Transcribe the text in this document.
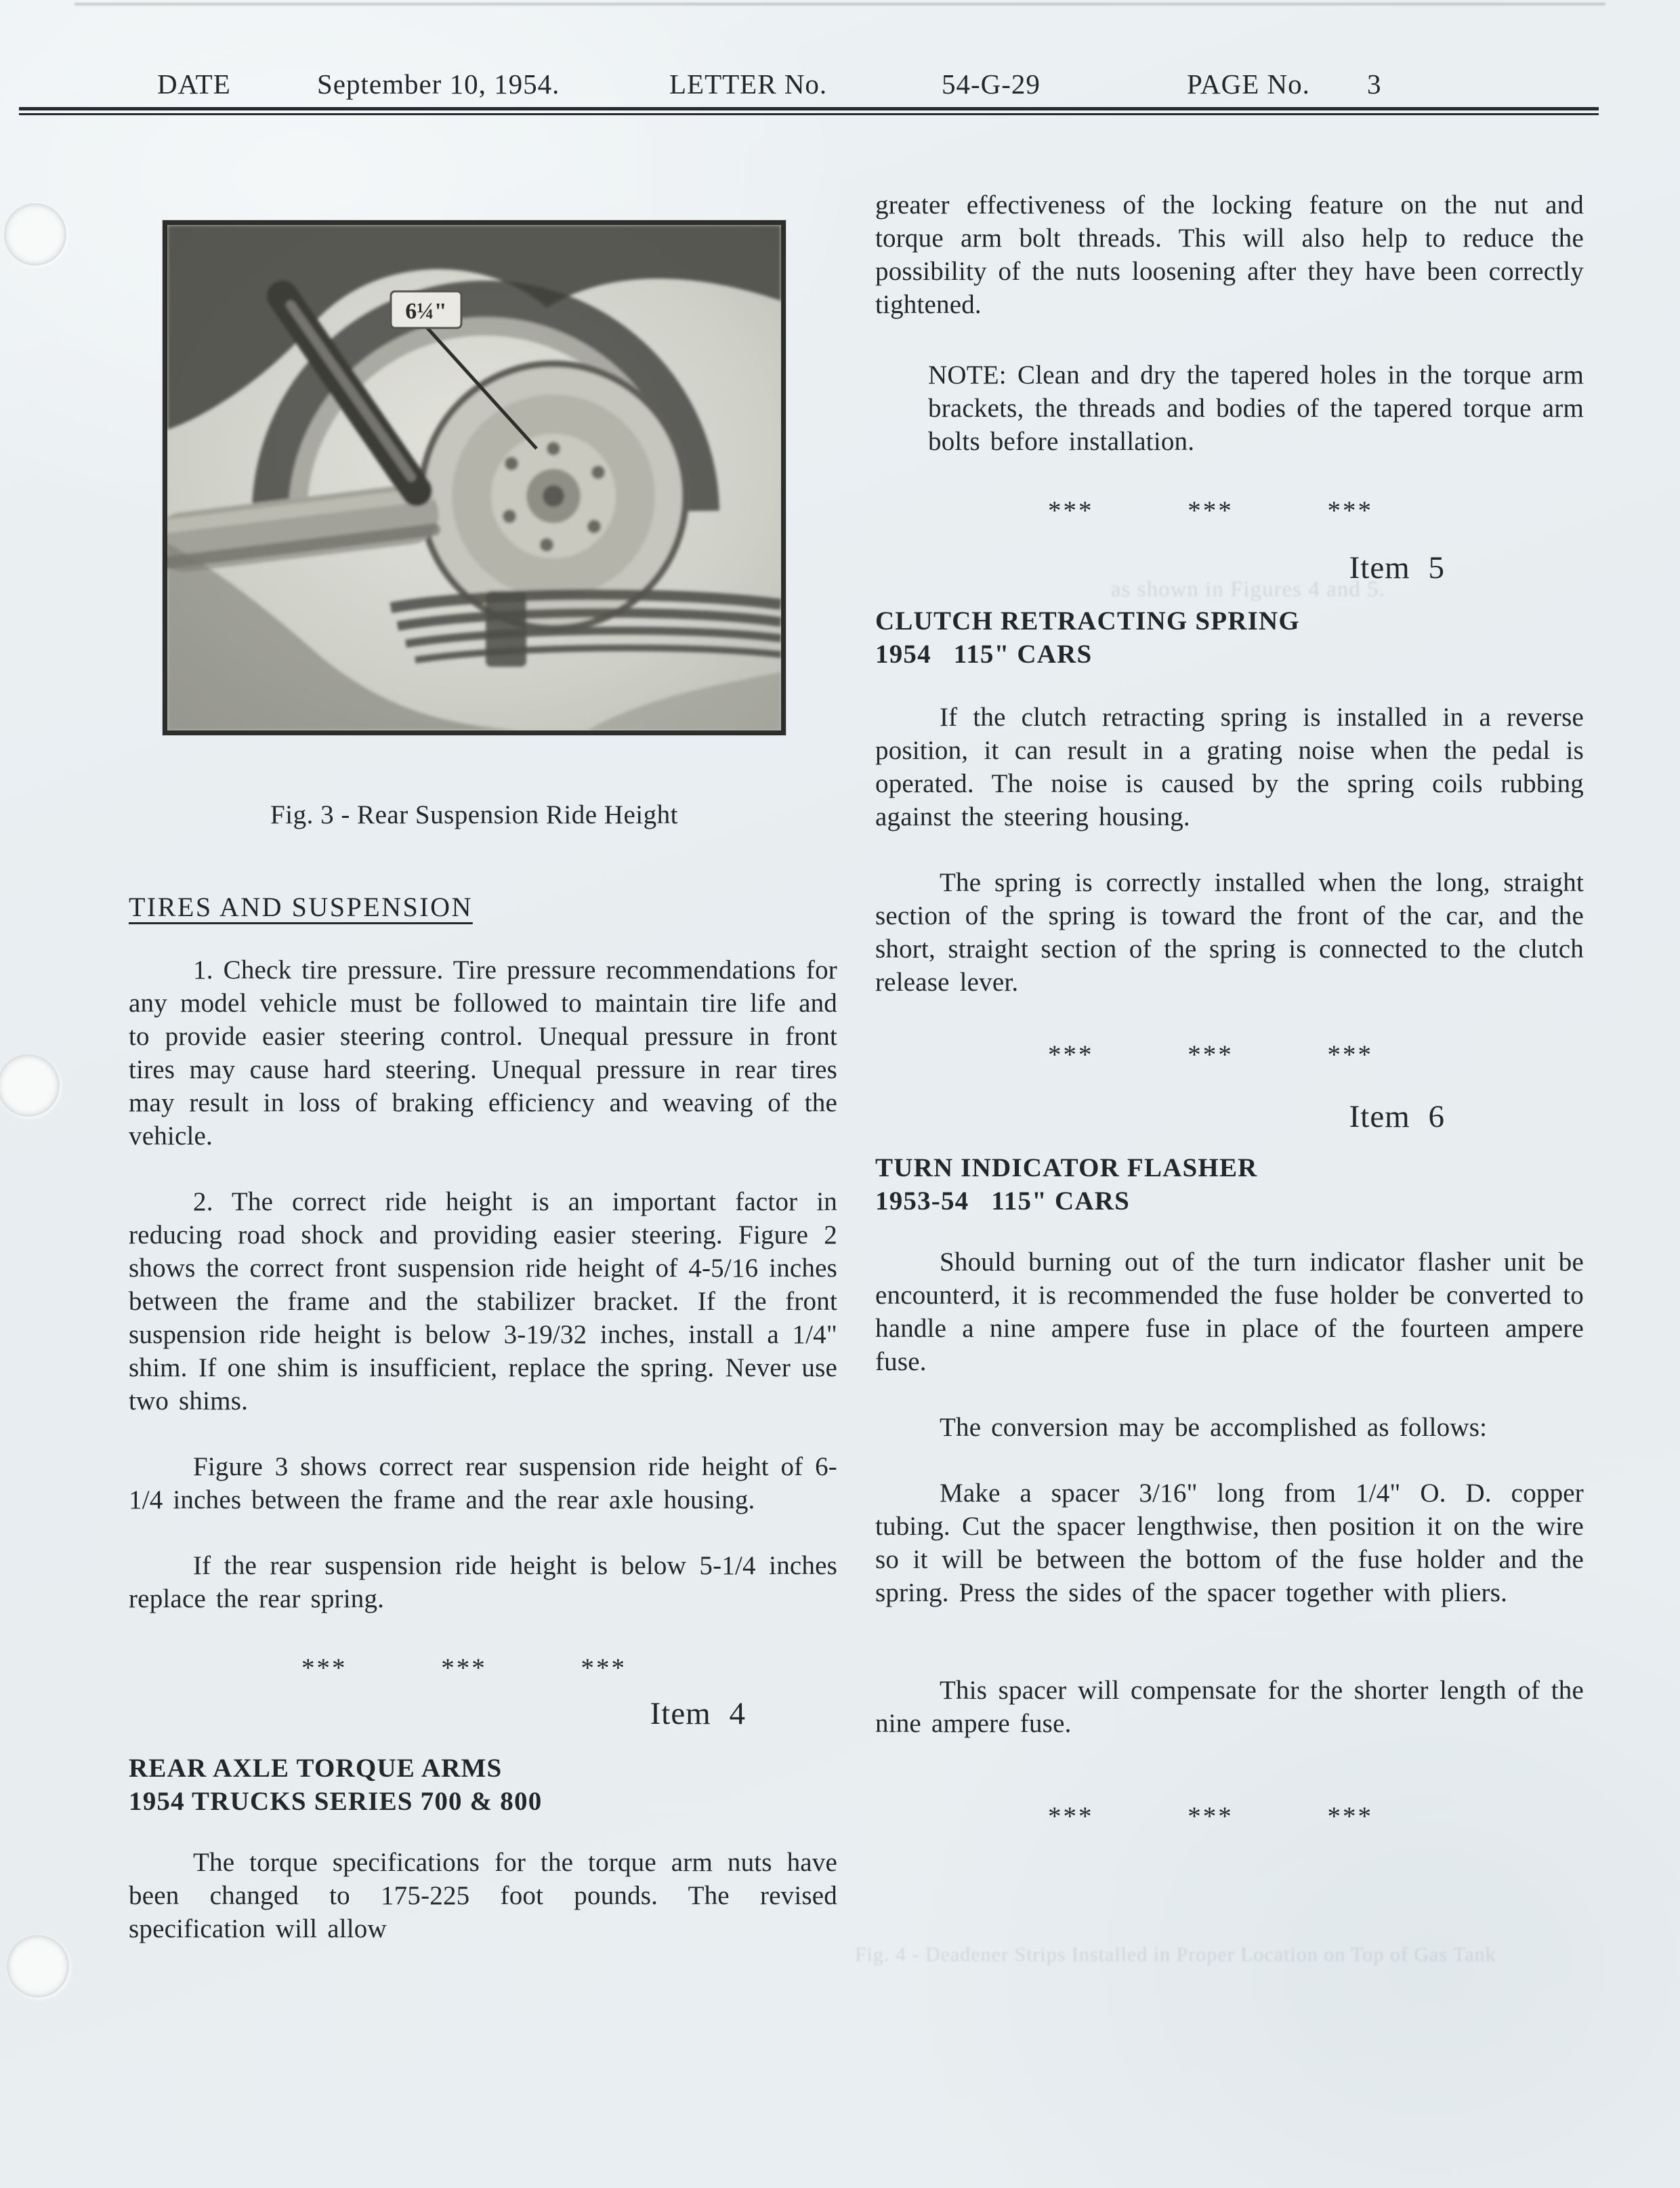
as shown in Figures 4 and 5.
Fig. 4 - Deadener Strips Installed in Proper Location on Top of Gas Tank
DATE	September 10, 1954.	LETTER No.	54-G-29	PAGE No. 3
6¼"

Fig. 3 - Rear Suspension Ride Height

TIRES AND SUSPENSION

1. Check tire pressure. Tire pressure recommendations for any model vehicle must be followed to maintain tire life and to provide easier steering control. Unequal pressure in front tires may cause hard steering. Unequal pressure in rear tires may result in loss of braking efficiency and weaving of the vehicle.

2. The correct ride height is an important factor in reducing road shock and providing easier steering. Figure 2 shows the correct front suspension ride height of 4-5/16 inches between the frame and the stabilizer bracket. If the front suspension ride height is below 3-19/32 inches, install a 1/4" shim. If one shim is insufficient, replace the spring. Never use two shims.

Figure 3 shows correct rear suspension ride height of 6-1/4 inches between the frame and the rear axle housing.

If the rear suspension ride height is below 5-1/4 inches replace the rear spring.

***	***	***
Item 4
REAR AXLE TORQUE ARMS
1954 TRUCKS SERIES 700 & 800

The torque specifications for the torque arm nuts have been changed to 175-225 foot pounds. The revised specification will allow

greater effectiveness of the locking feature on the nut and torque arm bolt threads. This will also help to reduce the possibility of the nuts loosening after they have been correctly tightened.

NOTE: Clean and dry the tapered holes in the torque arm brackets, the threads and bodies of the tapered torque arm bolts before installation.

***	***	***
Item 5
CLUTCH RETRACTING SPRING
1954   115" CARS

If the clutch retracting spring is installed in a reverse position, it can result in a grating noise when the pedal is operated. The noise is caused by the spring coils rubbing against the steering housing.

The spring is correctly installed when the long, straight section of the spring is toward the front of the car, and the short, straight section of the spring is connected to the clutch release lever.

***	***	***
Item 6
TURN INDICATOR FLASHER
1953-54   115" CARS

Should burning out of the turn indicator flasher unit be encounterd, it is recommended the fuse holder be converted to handle a nine ampere fuse in place of the fourteen ampere fuse.

The conversion may be accomplished as follows:

Make a spacer 3/16" long from 1/4" O. D. copper tubing. Cut the spacer lengthwise, then position it on the wire so it will be between the bottom of the fuse holder and the spring. Press the sides of the spacer together with pliers.

This spacer will compensate for the shorter length of the nine ampere fuse.

***	***	***
